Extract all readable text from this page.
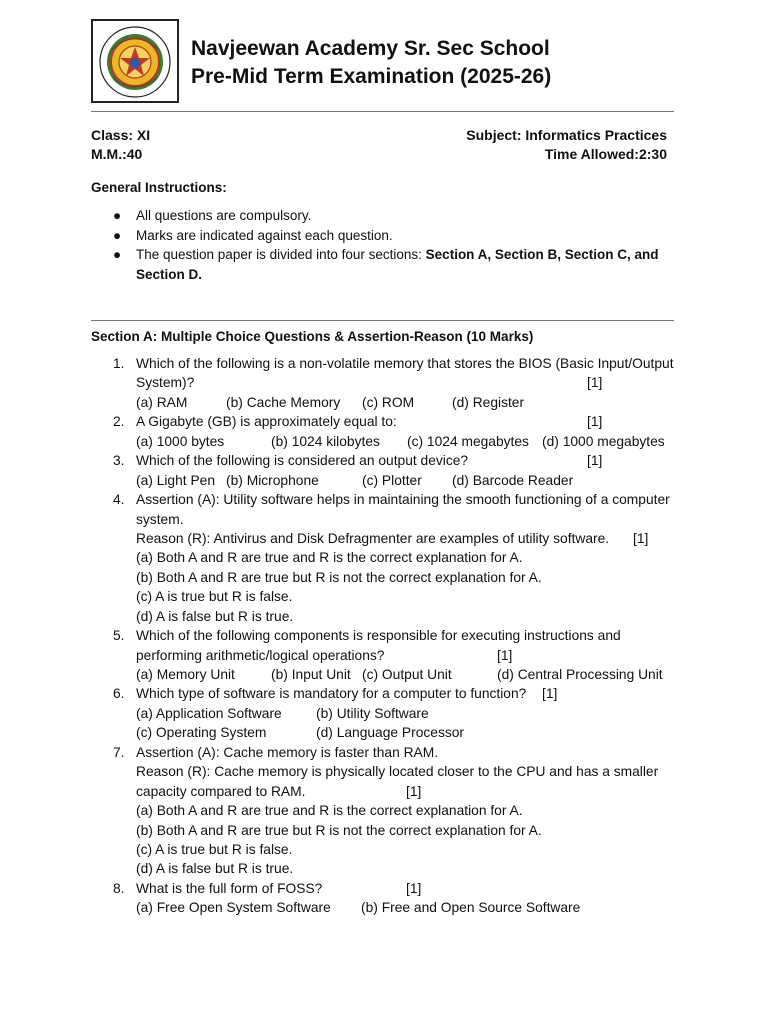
Navjeewan Academy Sr. Sec School
Pre-Mid Term Examination (2025-26)
Class: XI
M.M.:40
Subject: Informatics Practices
Time Allowed:2:30
General Instructions:
● All questions are compulsory.
● Marks are indicated against each question.
● The question paper is divided into four sections: Section A, Section B, Section C, and
Section D.
Section A: Multiple Choice Questions & Assertion-Reason (10 Marks)
1. Which of the following is a non-volatile memory that stores the BIOS (Basic Input/Output
System)?	[1]
(a) RAM	(b) Cache Memory (c) ROM	(d) Register
2. A Gigabyte (GB) is approximately equal to:	[1]
(a) 1000 bytes	(b) 1024 kilobytes (c) 1024 megabytes (d) 1000 megabytes
3. Which of the following is considered an output device?	[1]
(a) Light Pen (b) Microphone	(c) Plotter (d) Barcode Reader
4. Assertion (A): Utility software helps in maintaining the smooth functioning of a computer
system.
Reason (R): Antivirus and Disk Defragmenter are examples of utility software. [1]
(a) Both A and R are true and R is the correct explanation for A.
(b) Both A and R are true but R is not the correct explanation for A.
(c) A is true but R is false.
(d) A is false but R is true.
5. Which of the following components is responsible for executing instructions and
performing arithmetic/logical operations?	[1]
(a) Memory Unit	(b) Input Unit (c) Output Unit	(d) Central Processing Unit
6. Which type of software is mandatory for a computer to function? [1]
(a) Application Software (b) Utility Software
(c) Operating System	(d) Language Processor
7. Assertion (A): Cache memory is faster than RAM.
Reason (R): Cache memory is physically located closer to the CPU and has a smaller
capacity compared to RAM.	[1]
(a) Both A and R are true and R is the correct explanation for A.
(b) Both A and R are true but R is not the correct explanation for A.
(c) A is true but R is false.
(d) A is false but R is true.
8. What is the full form of FOSS?	[1]
(a) Free Open System Software (b) Free and Open Source Software
